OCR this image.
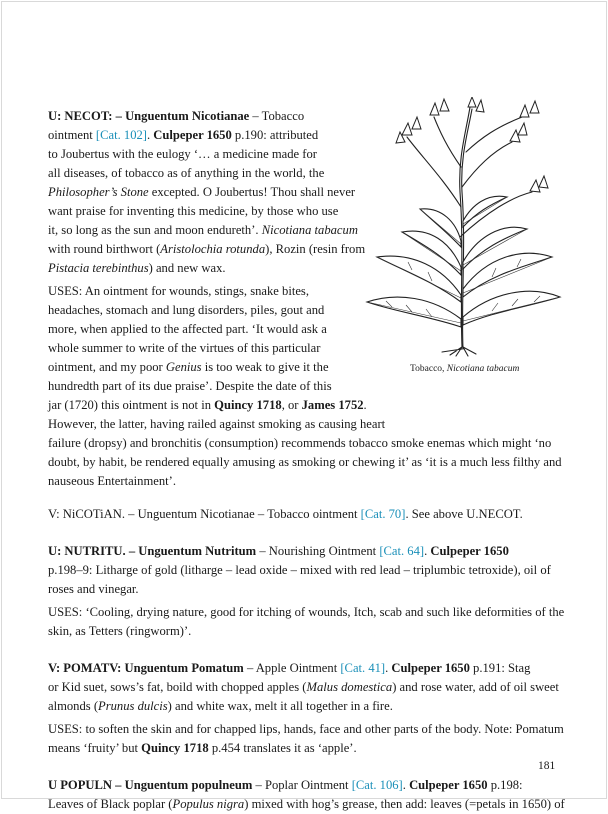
U: NECOT: – Unguentum Nicotianae – Tobacco
ointment [Cat. 102]. Culpeper 1650 p.190: attributed
to Joubertus with the eulogy ‘… a medicine made for
all diseases, of tobacco as of anything in the world, the
Philosopher’s Stone excepted. O Joubertus! Thou shall never
want praise for inventing this medicine, by those who use
it, so long as the sun and moon endureth’. Nicotiana tabacum
with round birthwort (Aristolochia rotunda), Rozin (resin from
Pistacia terebinthus) and new wax.
USES: An ointment for wounds, stings, snake bites,
headaches, stomach and lung disorders, piles, gout and
more, when applied to the affected part. ‘It would ask a
whole summer to write of the virtues of this particular
ointment, and my poor Genius is too weak to give it the
hundredth part of its due praise’. Despite the date of this
jar (1720) this ointment is not in Quincy 1718, or James 1752.
However, the latter, having railed against smoking as causing heart
failure (dropsy) and bronchitis (consumption) recommends tobacco smoke enemas which might ‘no
doubt, by habit, be rendered equally amusing as smoking or chewing it’ as ‘it is a much less filthy and
nauseous Entertainment’.
V: NiCOTiAN. – Unguentum Nicotianae – Tobacco ointment [Cat. 70]. See above U.NECOT.
U: NUTRITU. – Unguentum Nutritum – Nourishing Ointment [Cat. 64]. Culpeper 1650
p.198–9: Litharge of gold (litharge – lead oxide – mixed with red lead – triplumbic tetroxide), oil of
roses and vinegar.
USES: ‘Cooling, drying nature, good for itching of wounds, Itch, scab and such like deformities of the
skin, as Tetters (ringworm)’.
V: POMATV: Unguentum Pomatum – Apple Ointment [Cat. 41]. Culpeper 1650 p.191: Stag
or Kid suet, sows’s fat, boild with chopped apples (Malus domestica) and rose water, add of oil sweet
almonds (Prunus dulcis) and white wax, melt it all together in a fire.
USES: to soften the skin and for chapped lips, hands, face and other parts of the body. Note: Pomatum
means ‘fruity’ but Quincy 1718 p.454 translates it as ‘apple’.
U POPULN – Unguentum populneum – Poplar Ointment [Cat. 106]. Culpeper 1650 p.198:
Leaves of Black poplar (Populus nigra) mixed with hog’s grease, then add: leaves (=petals in 1650) of
Tobacco, Nicotiana tabacum
181
